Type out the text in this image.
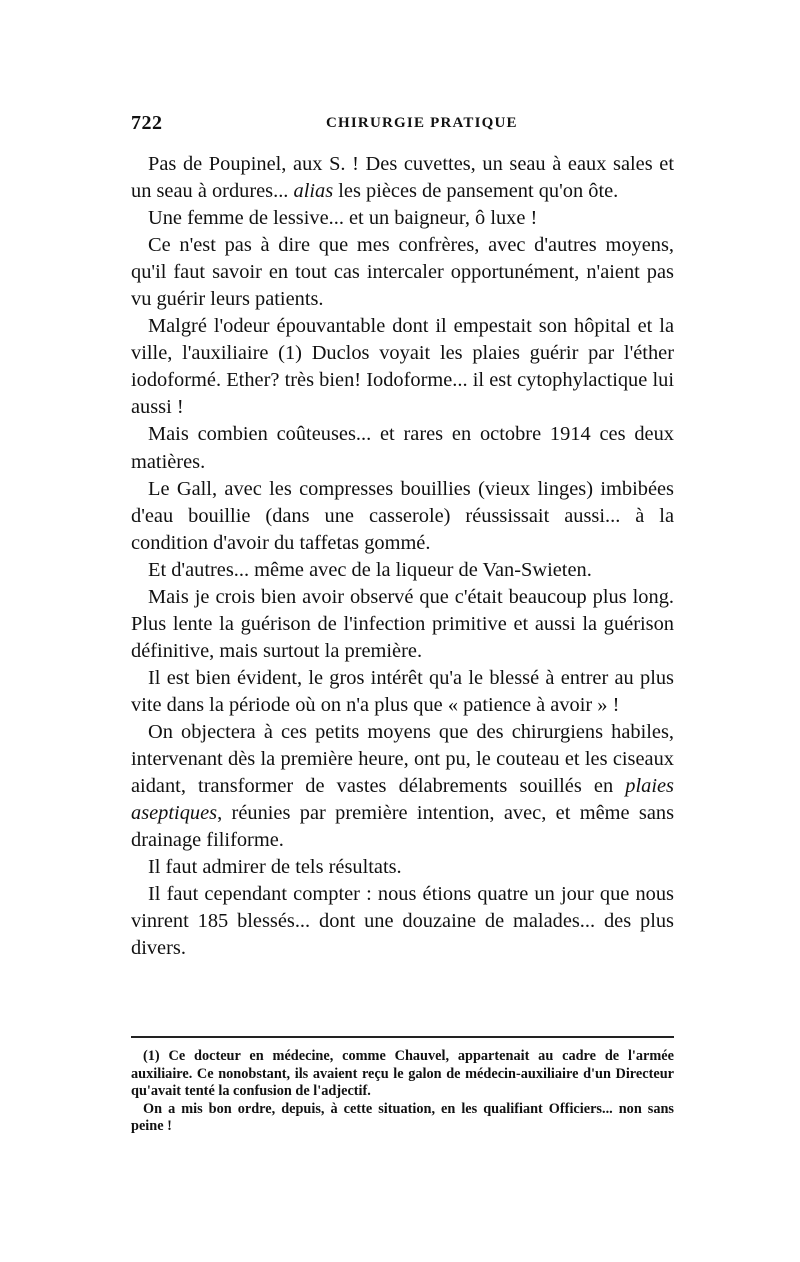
722	CHIRURGIE PRATIQUE

Pas de Poupinel, aux S. ! Des cuvettes, un seau à eaux sales et un seau à ordures... alias les pièces de pansement qu'on ôte.

Une femme de lessive... et un baigneur, ô luxe !

Ce n'est pas à dire que mes confrères, avec d'autres moyens, qu'il faut savoir en tout cas intercaler opportunément, n'aient pas vu guérir leurs patients.

Malgré l'odeur épouvantable dont il empestait son hôpital et la ville, l'auxiliaire (1) Duclos voyait les plaies guérir par l'éther iodoformé. Ether? très bien! Iodoforme... il est cytophylactique lui aussi !

Mais combien coûteuses... et rares en octobre 1914 ces deux matières.

Le Gall, avec les compresses bouillies (vieux linges) imbibées d'eau bouillie (dans une casserole) réussissait aussi... à la condition d'avoir du taffetas gommé.

Et d'autres... même avec de la liqueur de Van-Swieten.

Mais je crois bien avoir observé que c'était beaucoup plus long. Plus lente la guérison de l'infection primitive et aussi la guérison définitive, mais surtout la première.

Il est bien évident, le gros intérêt qu'a le blessé à entrer au plus vite dans la période où on n'a plus que « patience à avoir » !

On objectera à ces petits moyens que des chirurgiens habiles, intervenant dès la première heure, ont pu, le couteau et les ciseaux aidant, transformer de vastes délabrements souillés en plaies aseptiques, réunies par première intention, avec, et même sans drainage filiforme.

Il faut admirer de tels résultats.

Il faut cependant compter : nous étions quatre un jour que nous vinrent 185 blessés... dont une douzaine de malades... des plus divers.

(1) Ce docteur en médecine, comme Chauvel, appartenait au cadre de l'armée auxiliaire. Ce nonobstant, ils avaient reçu le galon de médecin-auxiliaire d'un Directeur qu'avait tenté la confusion de l'adjectif.

On a mis bon ordre, depuis, à cette situation, en les qualifiant Officiers... non sans peine !
